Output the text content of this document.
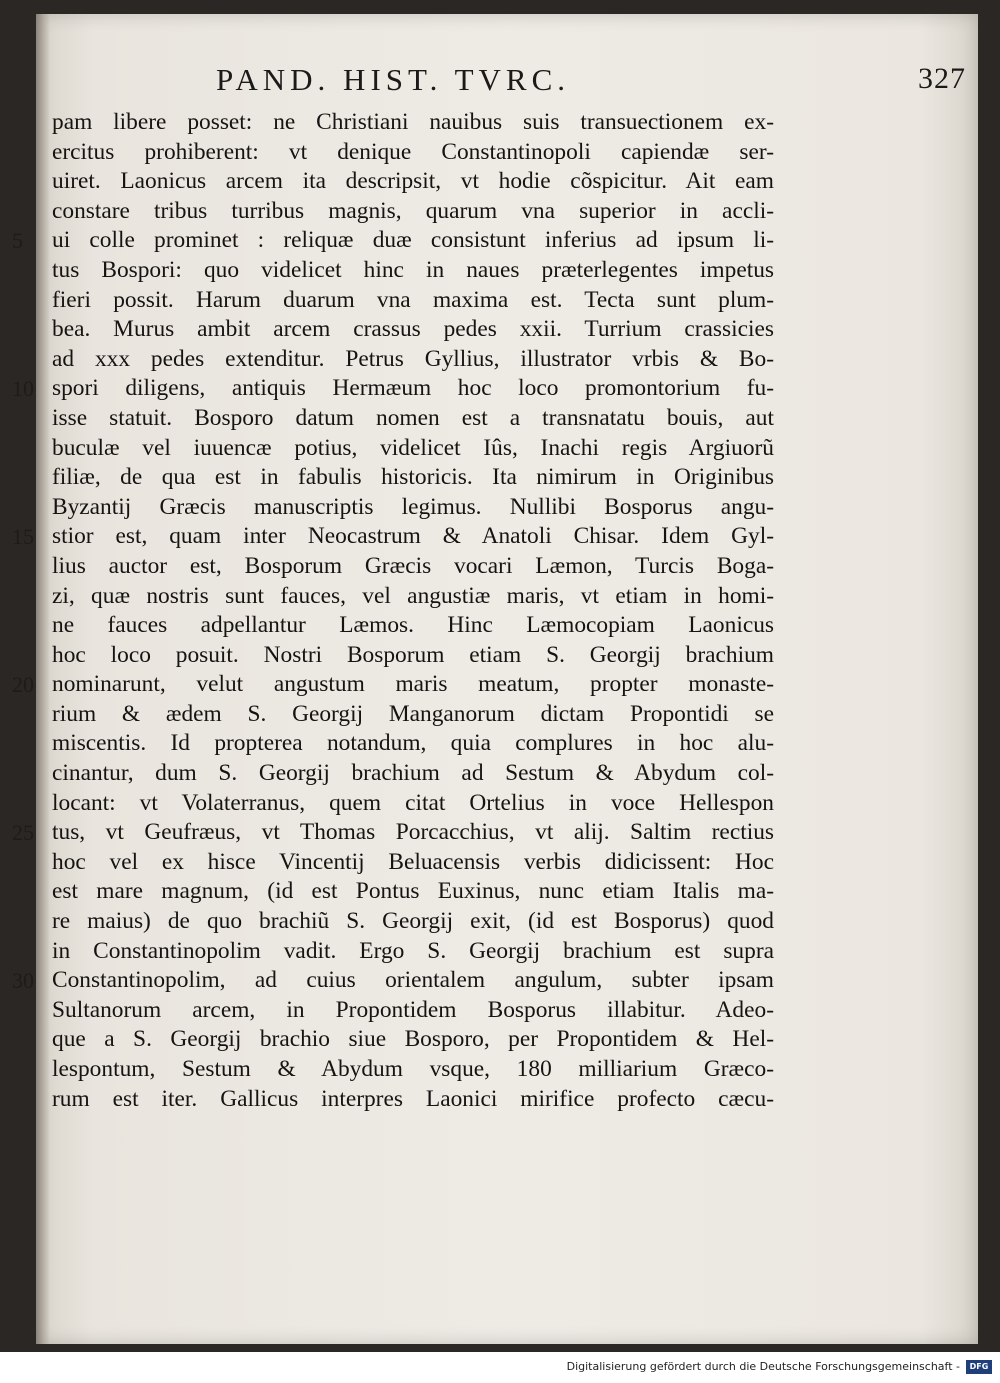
PAND. HIST. TVRC.	327
pam libere posset: ne Christiani nauibus suis transuectionem ex-
ercitus prohiberent: vt denique Constantinopoli capiendæ ser-
uiret. Laonicus arcem ita descripsit, vt hodie cõspicitur. Ait eam
constare tribus turribus magnis, quarum vna superior in accli-
5	ui colle prominet : reliquæ duæ consistunt inferius ad ipsum li-
tus Bospori: quo videlicet hinc in naues præterlegentes impetus
fieri possit. Harum duarum vna maxima est. Tecta sunt plum-
bea. Murus ambit arcem crassus pedes xxii. Turrium crassicies
ad xxx pedes extenditur. Petrus Gyllius, illustrator vrbis & Bo-
10 spori diligens, antiquis Hermæum hoc loco promontorium fu-
isse statuit. Bosporo datum nomen est a transnatatu bouis, aut
buculæ vel iuuencæ potius, videlicet Iûs, Inachi regis Argiuorũ
filiæ, de qua est in fabulis historicis. Ita nimirum in Originibus
Byzantij Græcis manuscriptis legimus. Nullibi Bosporus angu-
15 stior est, quam inter Neocastrum & Anatoli Chisar. Idem Gyl-
lius auctor est, Bosporum Græcis vocari Læmon, Turcis Boga-
zi, quæ nostris sunt fauces, vel angustiæ maris, vt etiam in homi-
ne fauces adpellantur Læmos. Hinc Læmocopiam Laonicus
hoc loco posuit. Nostri Bosporum etiam S. Georgij brachium
20 nominarunt, velut angustum maris meatum, propter monaste-
rium & ædem S. Georgij Manganorum dictam Propontidi se
miscentis. Id propterea notandum, quia complures in hoc alu-
cinantur, dum S. Georgij brachium ad Sestum & Abydum col-
locant: vt Volaterranus, quem citat Ortelius in voce Hellespon
25 tus, vt Geufræus, vt Thomas Porcacchius, vt alij. Saltim rectius
hoc vel ex hisce Vincentij Beluacensis verbis didicissent: Hoc
est mare magnum, (id est Pontus Euxinus, nunc etiam Italis ma-
re maius) de quo brachiũ S. Georgij exit, (id est Bosporus) quod
in Constantinopolim vadit. Ergo S. Georgij brachium est supra
30 Constantinopolim, ad cuius orientalem angulum, subter ipsam
Sultanorum arcem, in Propontidem Bosporus illabitur. Adeo-
que a S. Georgij brachio siue Bosporo, per Propontidem & Hel-
lespontum, Sestum & Abydum vsque, 180 milliarium Græco-
rum est iter. Gallicus interpres Laonici mirifice profecto cæcu-
Digitalisierung gefördert durch die Deutsche Forschungsgemeinschaft -	DFG
